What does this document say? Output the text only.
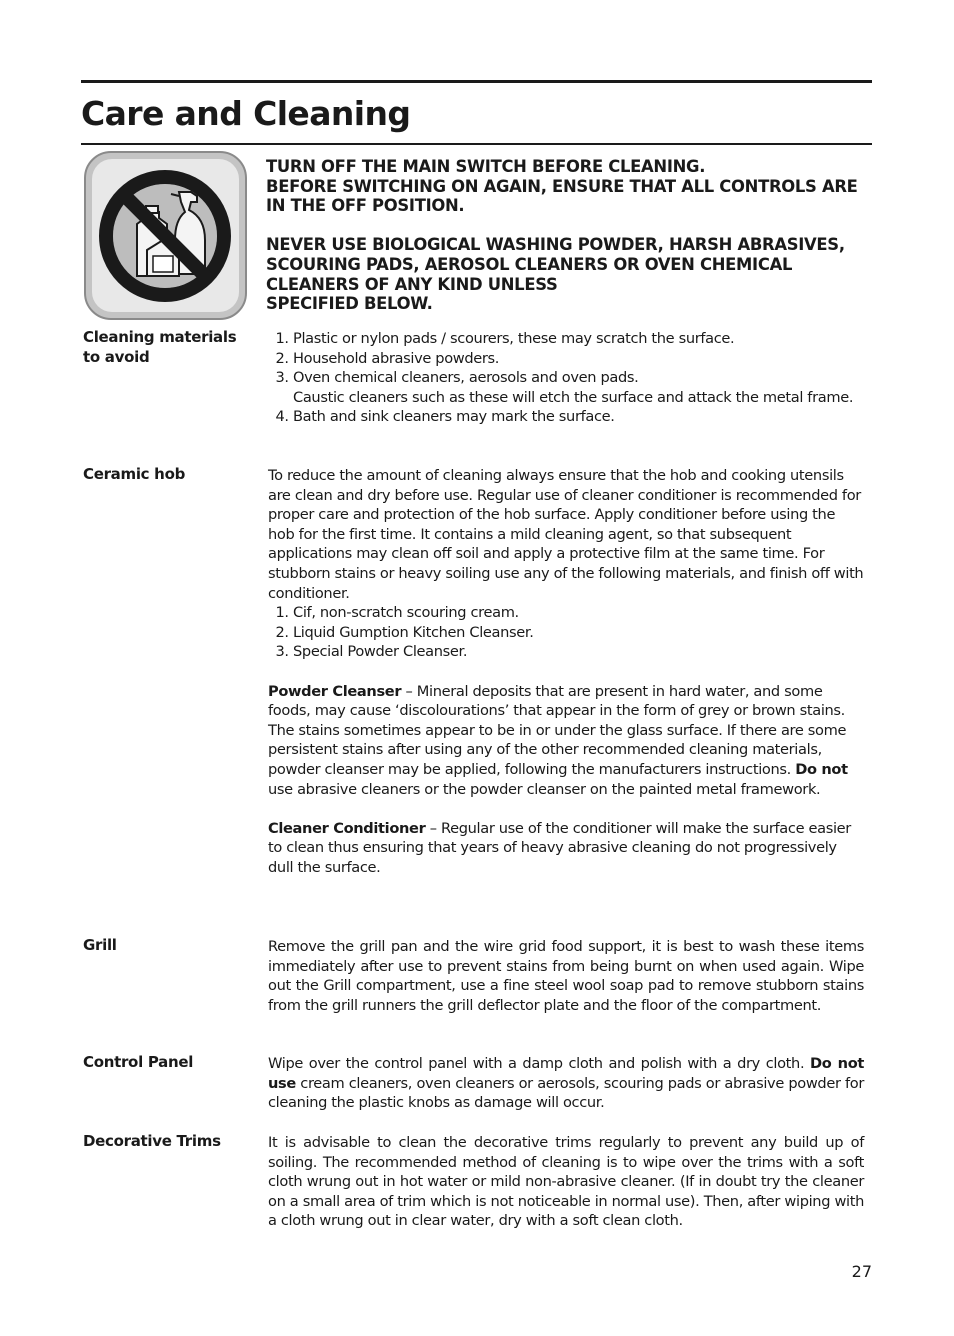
Care and Cleaning

TURN OFF THE MAIN SWITCH BEFORE CLEANING.
BEFORE SWITCHING ON AGAIN, ENSURE THAT ALL CONTROLS ARE IN THE OFF POSITION.

NEVER USE BIOLOGICAL WASHING POWDER, HARSH ABRASIVES, SCOURING PADS, AEROSOL CLEANERS OR OVEN CHEMICAL CLEANERS OF ANY KIND UNLESS
SPECIFIED BELOW.

Cleaning materials to avoid
1. Plastic or nylon pads / scourers, these may scratch the surface.
2. Household abrasive powders.
3. Oven chemical cleaners, aerosols and oven pads.
Caustic cleaners such as these will etch the surface and attack the metal frame.
4. Bath and sink cleaners may mark the surface.
Ceramic hob	To reduce the amount of cleaning always ensure that the hob and cooking utensils are clean and dry before use. Regular use of cleaner conditioner is recommended for proper care and protection of the hob surface. Apply conditioner before using the hob for the first time. It contains a mild cleaning agent, so that subsequent applications may clean off soil and apply a protective film at the same time. For stubborn stains or heavy soiling use any of the following materials, and finish off with conditioner.

1. Cif, non-scratch scouring cream.
2. Liquid Gumption Kitchen Cleanser.
3. Special Powder Cleanser.

Powder Cleanser – Mineral deposits that are present in hard water, and some foods, may cause ‘discolourations’ that appear in the form of grey or brown stains. The stains sometimes appear to be in or under the glass surface. If there are some persistent stains after using any of the other recommended cleaning materials, powder cleanser may be applied, following the manufacturers instructions. Do not use abrasive cleaners or the powder cleanser on the painted metal framework.

Cleaner Conditioner – Regular use of the conditioner will make the surface easier to clean thus ensuring that years of heavy abrasive cleaning do not progressively dull the surface.

Grill	Remove the grill pan and the wire grid food support, it is best to wash these items immediately after use to prevent stains from being burnt on when used again. Wipe out the Grill compartment, use a fine steel wool soap pad to remove stubborn stains from the grill runners the grill deflector plate and the floor of the compartment.

Control Panel	Wipe over the control panel with a damp cloth and polish with a dry cloth. Do not use cream cleaners, oven cleaners or aerosols, scouring pads or abrasive powder for cleaning the plastic knobs as damage will occur.

Decorative Trims	It is advisable to clean the decorative trims regularly to prevent any build up of soiling. The recommended method of cleaning is to wipe over the trims with a soft cloth wrung out in hot water or mild non-abrasive cleaner. (If in doubt try the cleaner on a small area of trim which is not noticeable in normal use). Then, after wiping with a cloth wrung out in clear water, dry with a soft clean cloth.

27
